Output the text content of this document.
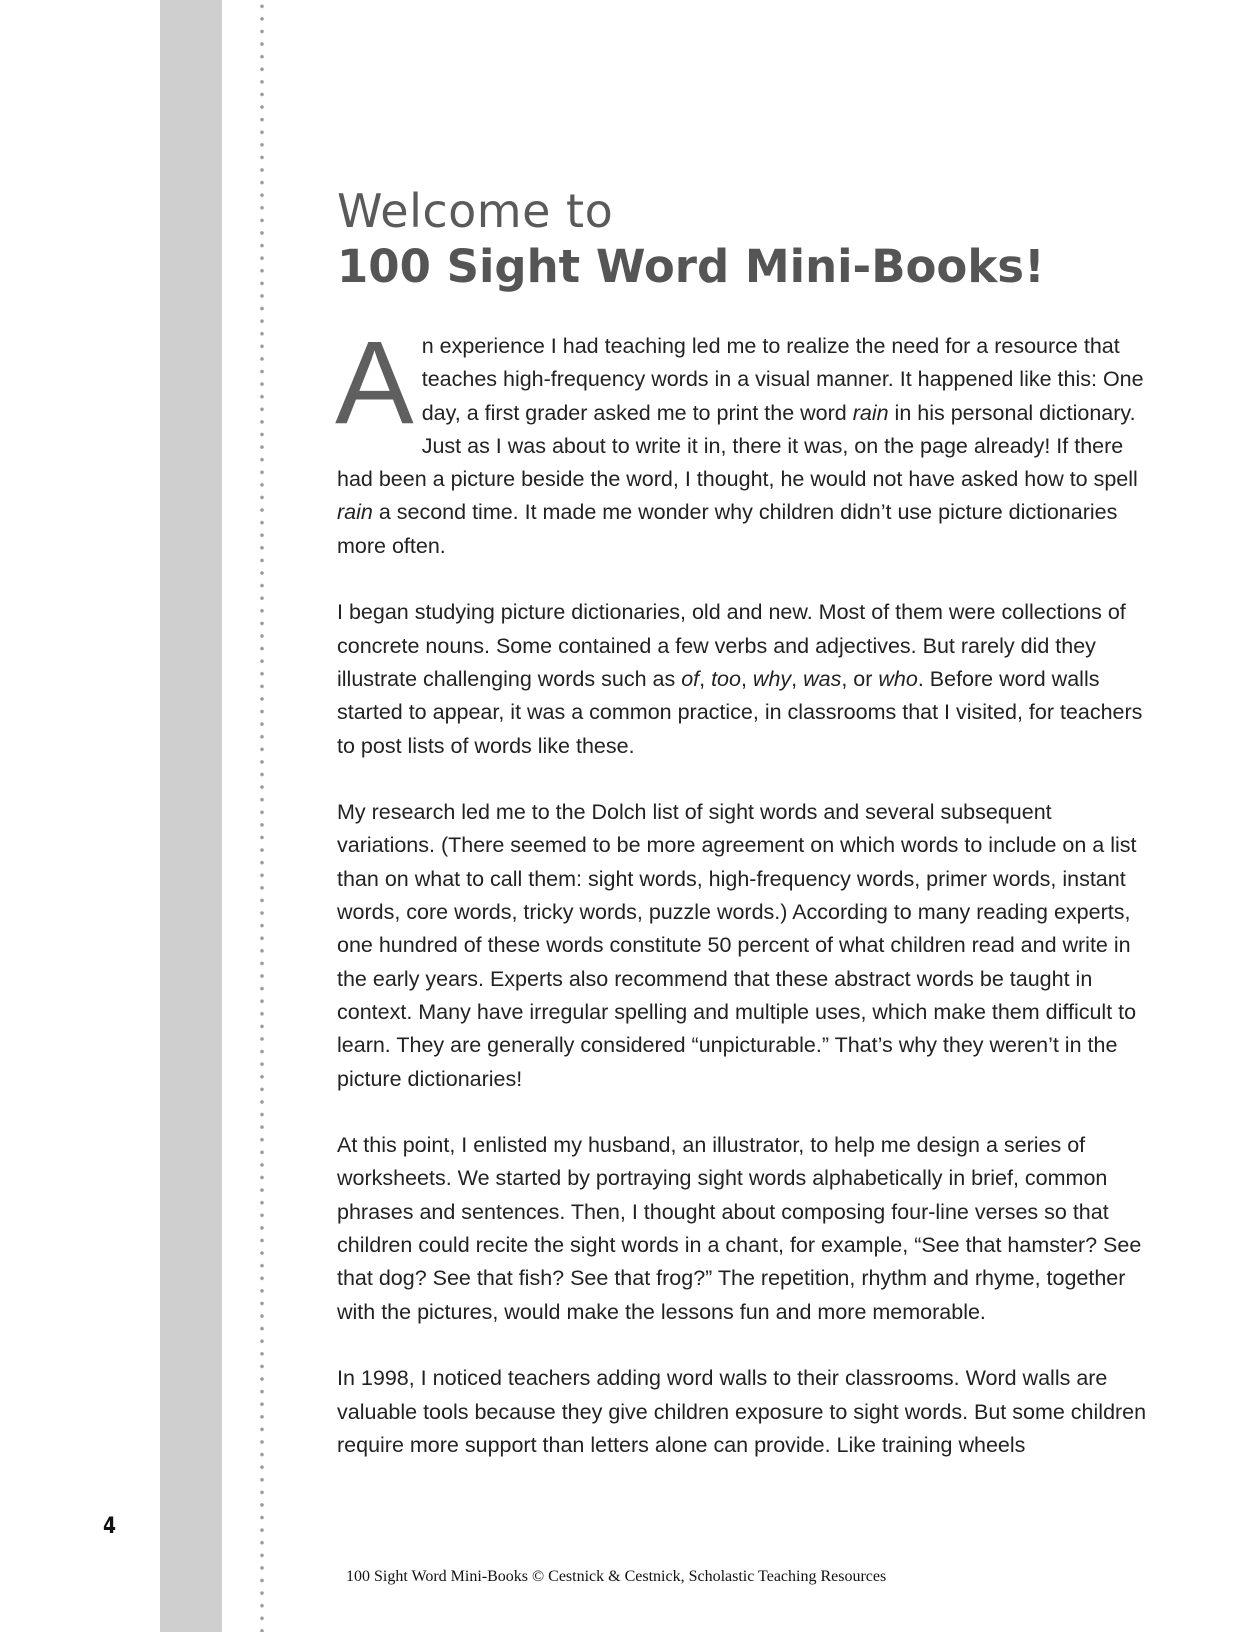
Welcome to
100 Sight Word Mini-Books!

An experience I had teaching led me to realize the need for a resource that teaches high-frequency words in a visual manner. It happened like this: One day, a first grader asked me to print the word rain in his personal dictionary. Just as I was about to write it in, there it was, on the page already! If there had been a picture beside the word, I thought, he would not have asked how to spell rain a second time. It made me wonder why children didn’t use picture dictionaries more often.

I began studying picture dictionaries, old and new. Most of them were collections of concrete nouns. Some contained a few verbs and adjectives. But rarely did they illustrate challenging words such as of, too, why, was, or who. Before word walls started to appear, it was a common practice, in classrooms that I visited, for teachers to post lists of words like these.

My research led me to the Dolch list of sight words and several subsequent variations. (There seemed to be more agreement on which words to include on a list than on what to call them: sight words, high-frequency words, primer words, instant words, core words, tricky words, puzzle words.) According to many reading experts, one hundred of these words constitute 50 percent of what children read and write in the early years. Experts also recommend that these abstract words be taught in context. Many have irregular spelling and multiple uses, which make them difficult to learn. They are generally considered “unpicturable.” That’s why they weren’t in the picture dictionaries!

At this point, I enlisted my husband, an illustrator, to help me design a series of worksheets. We started by portraying sight words alphabetically in brief, common phrases and sentences. Then, I thought about composing four-line verses so that children could recite the sight words in a chant, for example, “See that hamster? See that dog? See that fish? See that frog?” The repetition, rhythm and rhyme, together with the pictures, would make the lessons fun and more memorable.

In 1998, I noticed teachers adding word walls to their classrooms. Word walls are valuable tools because they give children exposure to sight words. But some children require more support than letters alone can provide. Like training wheels

4
100 Sight Word Mini-Books © Cestnick & Cestnick, Scholastic Teaching Resources
